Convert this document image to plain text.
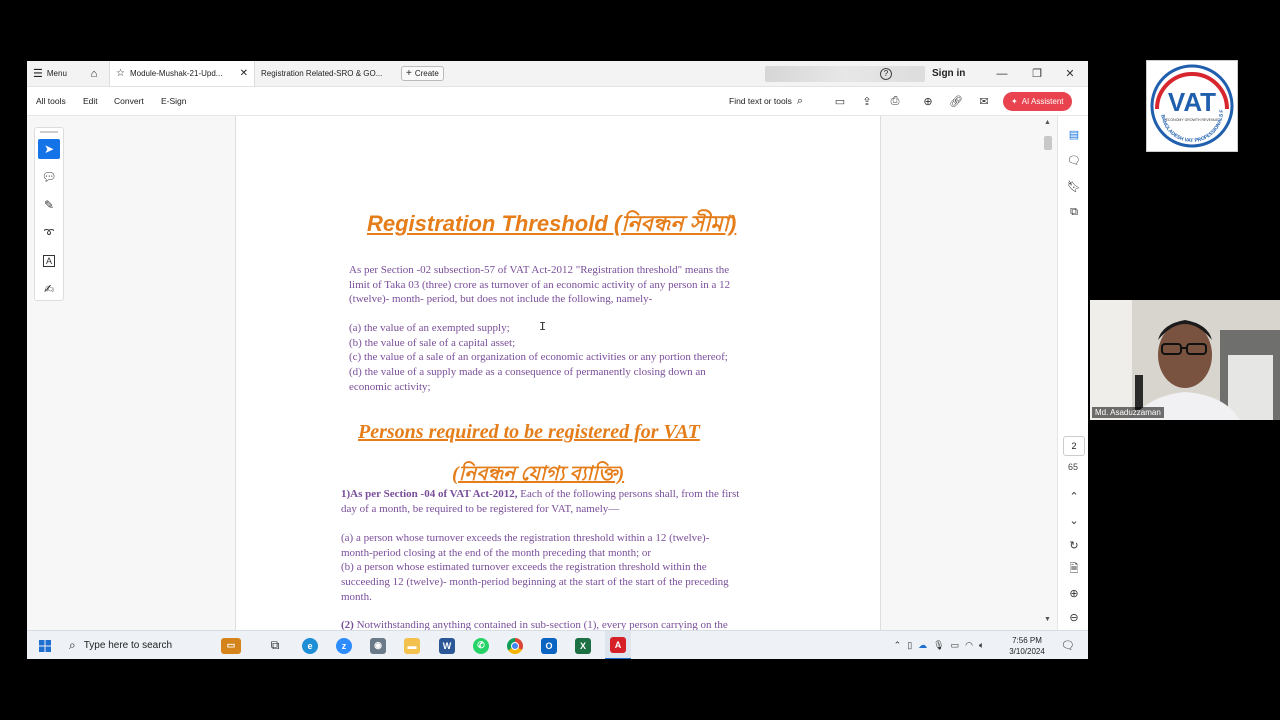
☰ Menu ⌂ ☆ Module-Mushak-21-Upd... ✕ Registration Related-SRO & GO... + Create	?	Sign in	— ❐ ✕
All tools Edit Convert E-Sign	Find text or tools ⌕	▭ ⇪ ⎙ ⊕ 🔗︎ ✉	✦ AI Assistent
➤
💬︎
✎
➰︎
A
✍︎
Registration Threshold (নিবন্ধন সীমা)
As per Section -02 subsection-57 of VAT Act-2012 "Registration threshold" means the
limit of Taka 03 (three) crore as turnover of an economic activity of any person in a 12
(twelve)- month- period, but does not include the following, namely-
(a) the value of an exempted supply;
(b) the value of sale of a capital asset;
(c) the value of a sale of an organization of economic activities or any portion thereof;
(d) the value of a supply made as a consequence of permanently closing down an
economic activity;
I
Persons required to be registered for VAT
(নিবন্ধন যোগ্য ব্যাক্তি)
1)As per Section -04 of VAT Act-2012, Each of the following persons shall, from the first
day of a month, be required to be registered for VAT, namely—
(a) a person whose turnover exceeds the registration threshold within a 12 (twelve)-
month-period closing at the end of the month preceding that month; or
(b) a person whose estimated turnover exceeds the registration threshold within the
succeeding 12 (twelve)- month-period beginning at the start of the start of the preceding
month.
(2) Notwithstanding anything contained in sub-section (1), every person carrying on the
▲
▼
▤
🗨︎
🔖︎
⧉
2
65
⌃
⌄
↻
🗎︎
⊕
⊖
⌕ Type here to search	▭	⧉	e	z	◉	▬	W	✆	O	X	A	⌃ ▯ ☁ 🎙︎ ▭ ◠ 🔈︎	7:56 PM
3/10/2024 🗨︎
BANGLADESH VAT PROFESSIONALS F
VAT
ECONOMY GROWTH REVENUE
Md. Asaduzzaman
